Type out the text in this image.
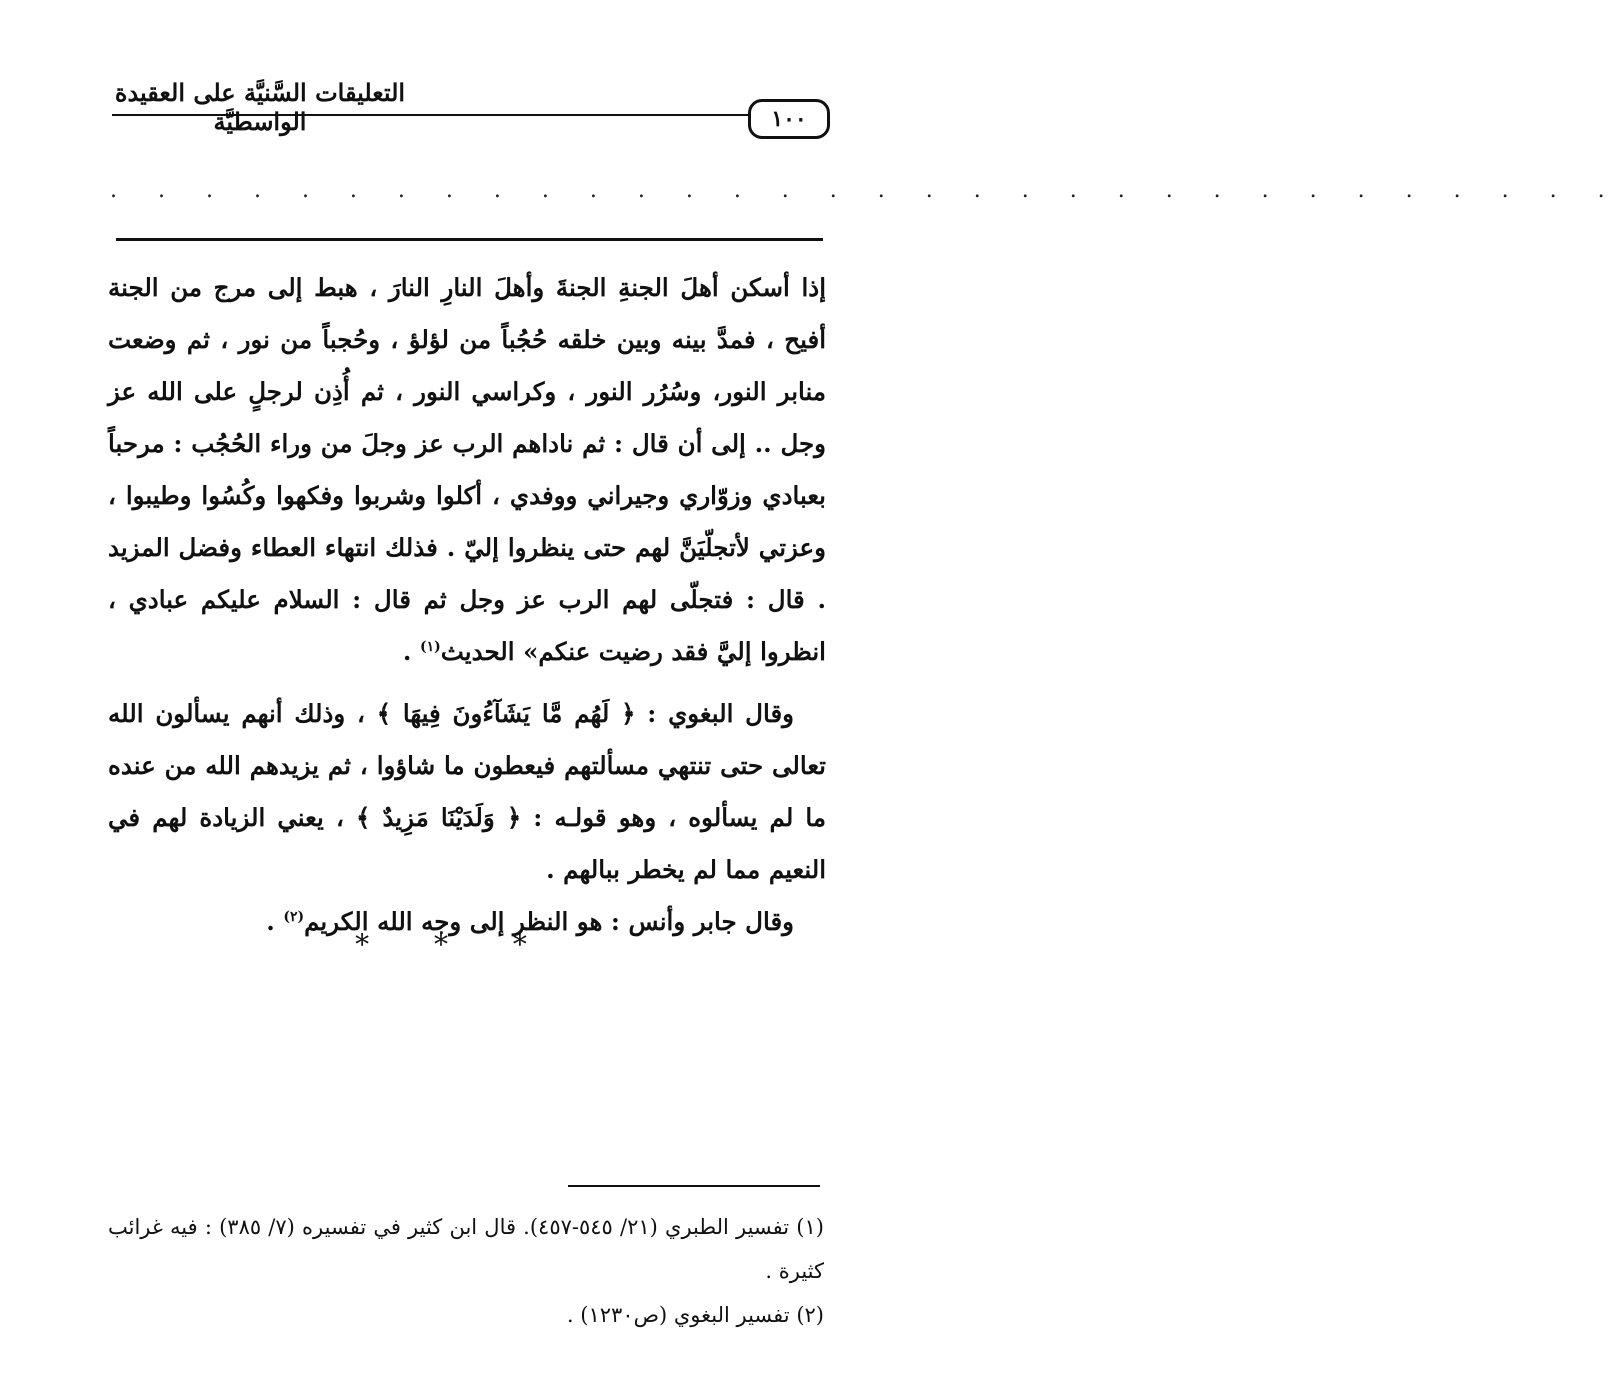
التعليقات السَّنيَّة على العقيدة الواسطيَّة	١٠٠
. . . . . . . . . . . . . . . . . . . . . . . . . . . . . . . .

إذا أسكن أهلَ الجنةِ الجنةَ وأهلَ النارِ النارَ ، هبط إلى مرج من الجنة أفيح ، فمدَّ بينه وبين خلقه حُجُباً من لؤلؤ ، وحُجباً من نور ، ثم وضعت منابر النور، وسُرُر النور ، وكراسي النور ، ثم أُذِن لرجلٍ على الله عز وجل .. إلى أن قال : ثم ناداهم الرب عز وجلَ من وراء الحُجُب : مرحباً بعبادي وزوّاري وجيراني ووفدي ، أكلوا وشربوا وفكهوا وكُسُوا وطيبوا ، وعزتي لأتجلّيَنَّ لهم حتى ينظروا إليّ . فذلك انتهاء العطاء وفضل المزيد . قال : فتجلّى لهم الرب عز وجل ثم قال : السلام عليكم عبادي ، انظروا إليَّ فقد رضيت عنكم» الحديث$^{(١)}$ .

وقال البغوي : ﴿ لَهُم مَّا يَشَآءُونَ فِيهَا ﴾ ، وذلك أنهم يسألون الله تعالى حتى تنتهي مسألتهم فيعطون ما شاؤوا ، ثم يزيدهم الله من عنده ما لم يسألوه ، وهو قولـه : ﴿ وَلَدَيْنَا مَزِيدٌ ﴾ ، يعني الزيادة لهم في النعيم مما لم يخطر ببالهم .

وقال جابر وأنس : هو النظر إلى وجه الله الكريم$^{(٢)}$ .

* * *

(١) تفسير الطبري (٢١/ ٥٤٥-٤٥٧). قال ابن كثير في تفسيره (٧/ ٣٨٥) : فيه غرائب كثيرة .

(٢) تفسير البغوي (ص١٢٣٠) .
